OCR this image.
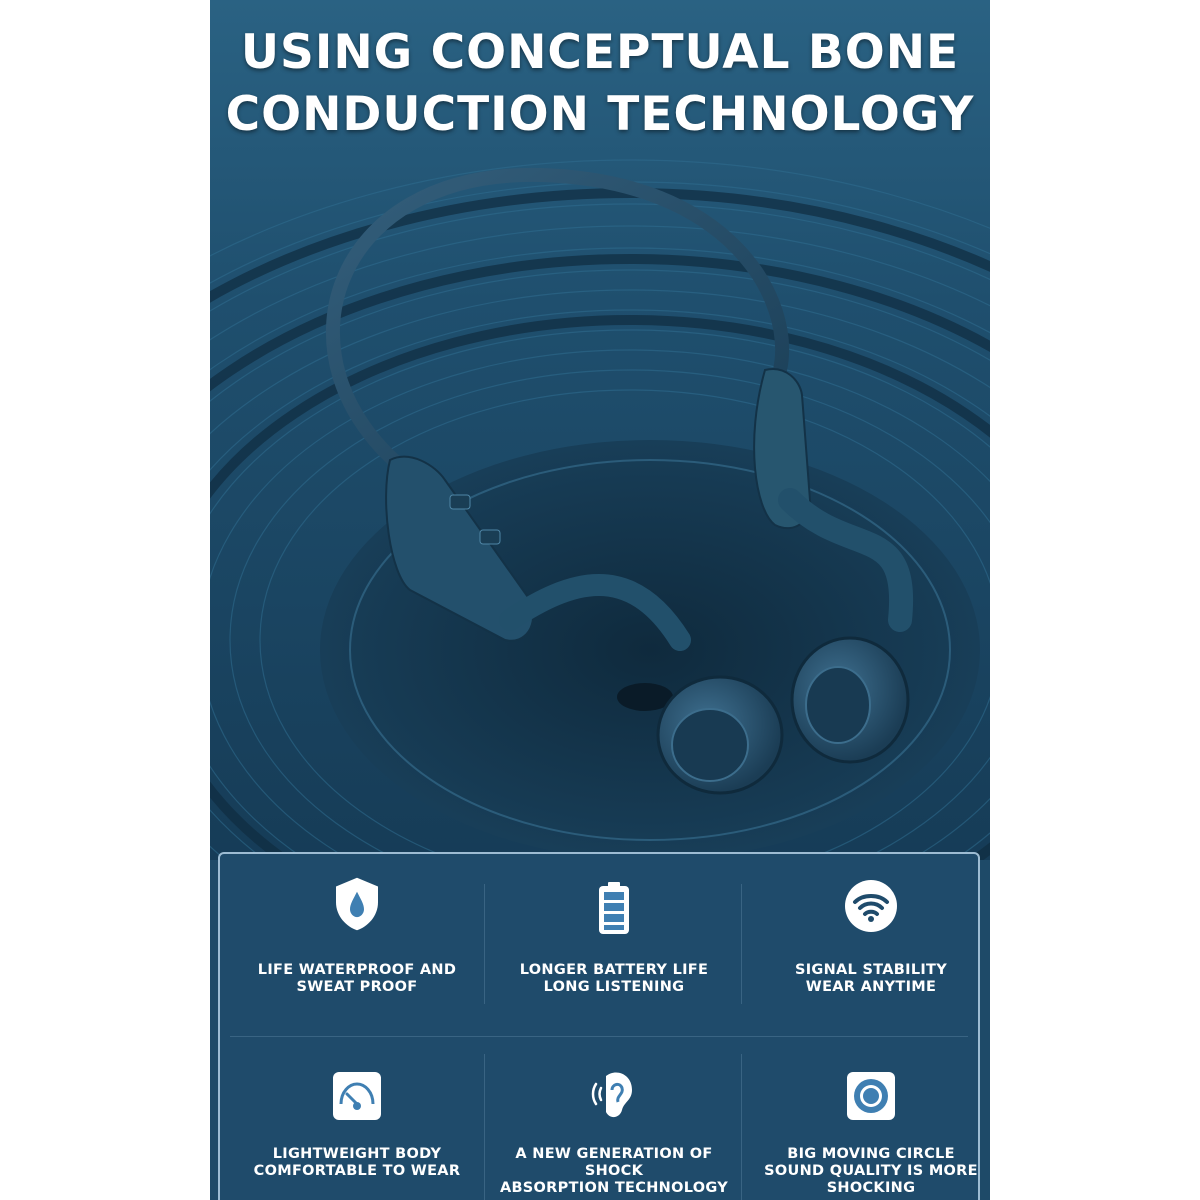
USING CONCEPTUAL BONE
CONDUCTION TECHNOLOGY
LIFE WATERPROOF AND
SWEAT PROOF
LONGER BATTERY LIFE
LONG LISTENING
SIGNAL STABILITY
WEAR ANYTIME
LIGHTWEIGHT BODY
COMFORTABLE TO WEAR
A NEW GENERATION OF SHOCK
ABSORPTION TECHNOLOGY
BIG MOVING CIRCLE
SOUND QUALITY IS MORE
SHOCKING
